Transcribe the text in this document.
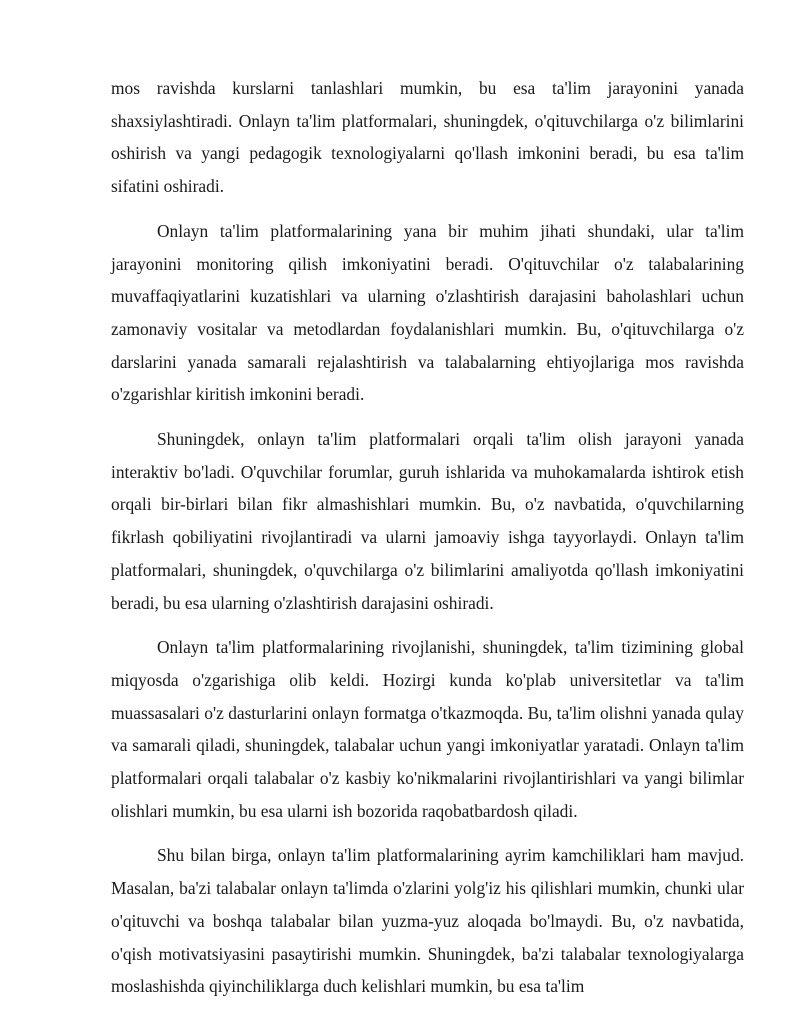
mos ravishda kurslarni tanlashlari mumkin, bu esa ta'lim jarayonini yanada shaxsiylashtiradi. Onlayn ta'lim platformalari, shuningdek, o'qituvchilarga o'z bilimlarini oshirish va yangi pedagogik texnologiyalarni qo'llash imkonini beradi, bu esa ta'lim sifatini oshiradi.

Onlayn ta'lim platformalarining yana bir muhim jihati shundaki, ular ta'lim jarayonini monitoring qilish imkoniyatini beradi. O'qituvchilar o'z talabalarining muvaffaqiyatlarini kuzatishlari va ularning o'zlashtirish darajasini baholashlari uchun zamonaviy vositalar va metodlardan foydalanishlari mumkin. Bu, o'qituvchilarga o'z darslarini yanada samarali rejalashtirish va talabalarning ehtiyojlariga mos ravishda o'zgarishlar kiritish imkonini beradi.

Shuningdek, onlayn ta'lim platformalari orqali ta'lim olish jarayoni yanada interaktiv bo'ladi. O'quvchilar forumlar, guruh ishlarida va muhokamalarda ishtirok etish orqali bir-birlari bilan fikr almashishlari mumkin. Bu, o'z navbatida, o'quvchilarning fikrlash qobiliyatini rivojlantiradi va ularni jamoaviy ishga tayyorlaydi. Onlayn ta'lim platformalari, shuningdek, o'quvchilarga o'z bilimlarini amaliyotda qo'llash imkoniyatini beradi, bu esa ularning o'zlashtirish darajasini oshiradi.

Onlayn ta'lim platformalarining rivojlanishi, shuningdek, ta'lim tizimining global miqyosda o'zgarishiga olib keldi. Hozirgi kunda ko'plab universitetlar va ta'lim muassasalari o'z dasturlarini onlayn formatga o'tkazmoqda. Bu, ta'lim olishni yanada qulay va samarali qiladi, shuningdek, talabalar uchun yangi imkoniyatlar yaratadi. Onlayn ta'lim platformalari orqali talabalar o'z kasbiy ko'nikmalarini rivojlantirishlari va yangi bilimlar olishlari mumkin, bu esa ularni ish bozorida raqobatbardosh qiladi.

Shu bilan birga, onlayn ta'lim platformalarining ayrim kamchiliklari ham mavjud. Masalan, ba'zi talabalar onlayn ta'limda o'zlarini yolg'iz his qilishlari mumkin, chunki ular o'qituvchi va boshqa talabalar bilan yuzma-yuz aloqada bo'lmaydi. Bu, o'z navbatida, o'qish motivatsiyasini pasaytirishi mumkin. Shuningdek, ba'zi talabalar texnologiyalarga moslashishda qiyinchiliklarga duch kelishlari mumkin, bu esa ta'lim
